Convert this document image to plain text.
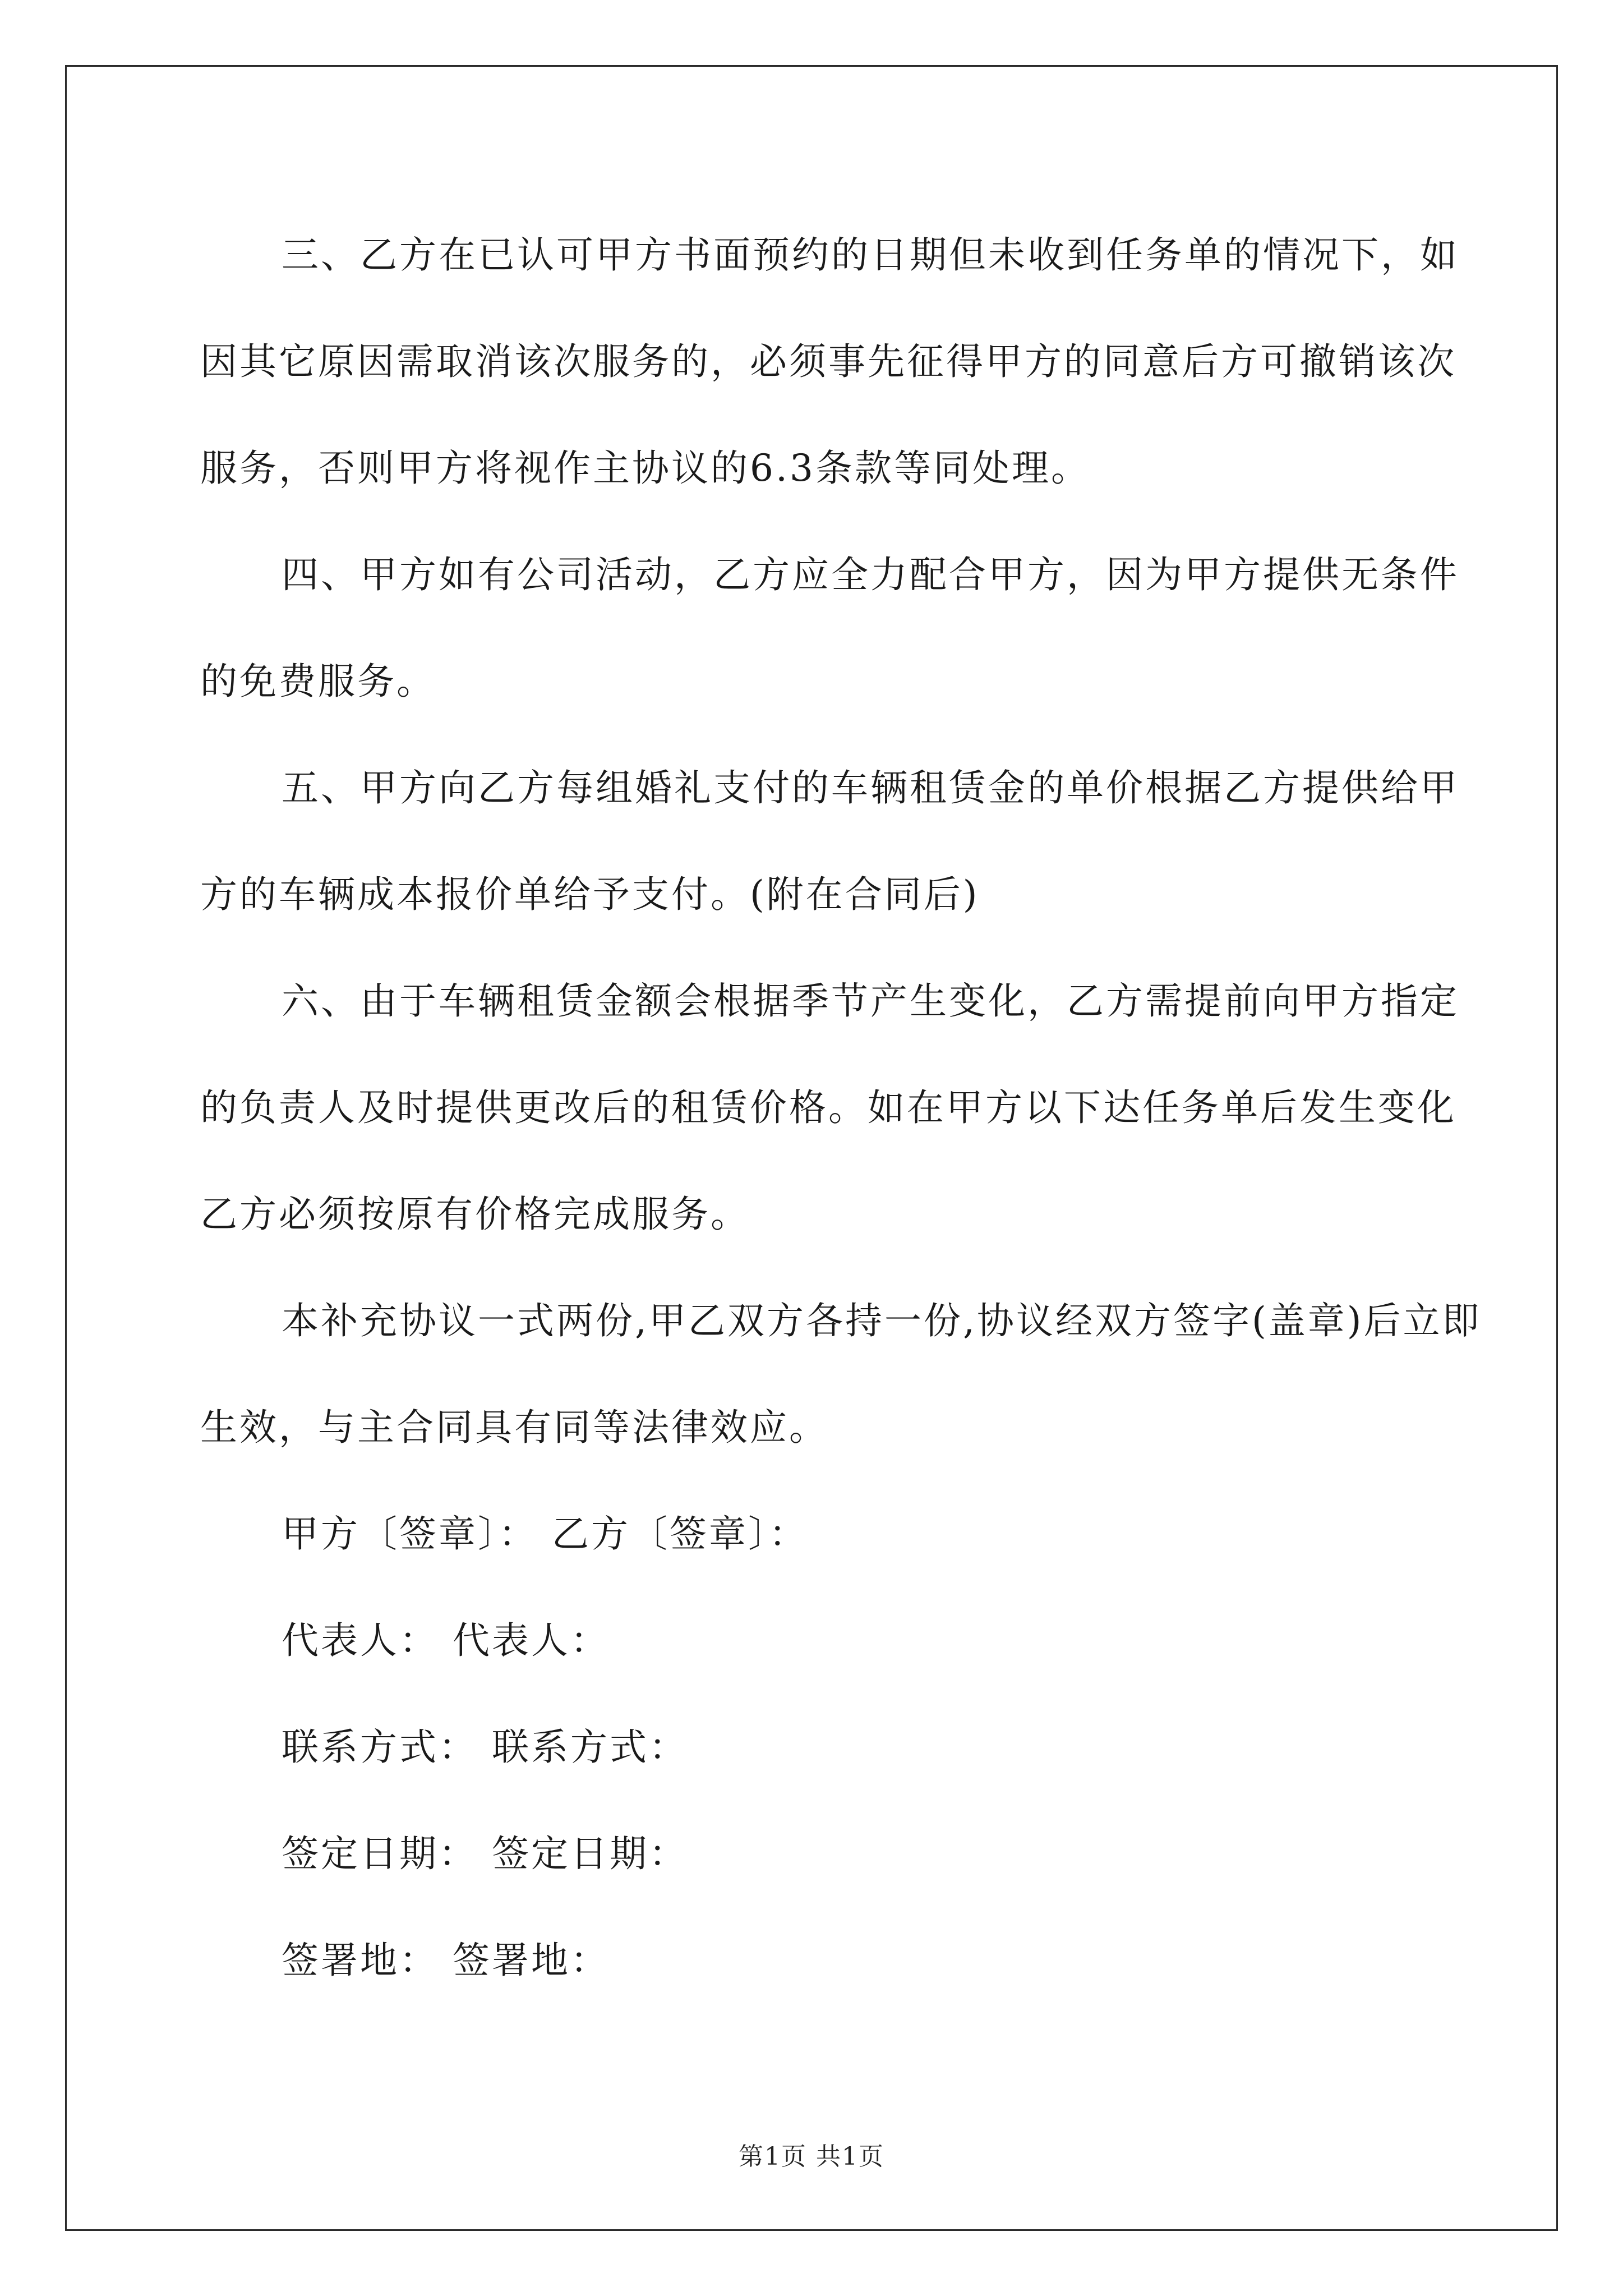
三、乙方在已认可甲方书面预约的日期但未收到任务单的情况下，如因其它原因需取消该次服务的，必须事先征得甲方的同意后方可撤销该次服务，否则甲方将视作主协议的6.3条款等同处理。

四、甲方如有公司活动，乙方应全力配合甲方，因为甲方提供无条件 的免费服务。

五、甲方向乙方每组婚礼支付的车辆租赁金的单价根据乙方提供给甲 方的车辆成本报价单给予支付。(附在合同后)

六、由于车辆租赁金额会根据季节产生变化，乙方需提前向甲方指定的负责人及时提供更改后的租赁价格。如在甲方以下达任务单后发生变化乙方必须按原有价格完成服务。

本补充协议一式两份,甲乙双方各持一份,协议经双方签字(盖章)后立即生效，与主合同具有同等法律效应。

甲方〔签章〕： 乙方〔签章〕：

代表人： 代表人：

联系方式： 联系方式：

签定日期： 签定日期：

签署地： 签署地：

第1页 共1页
